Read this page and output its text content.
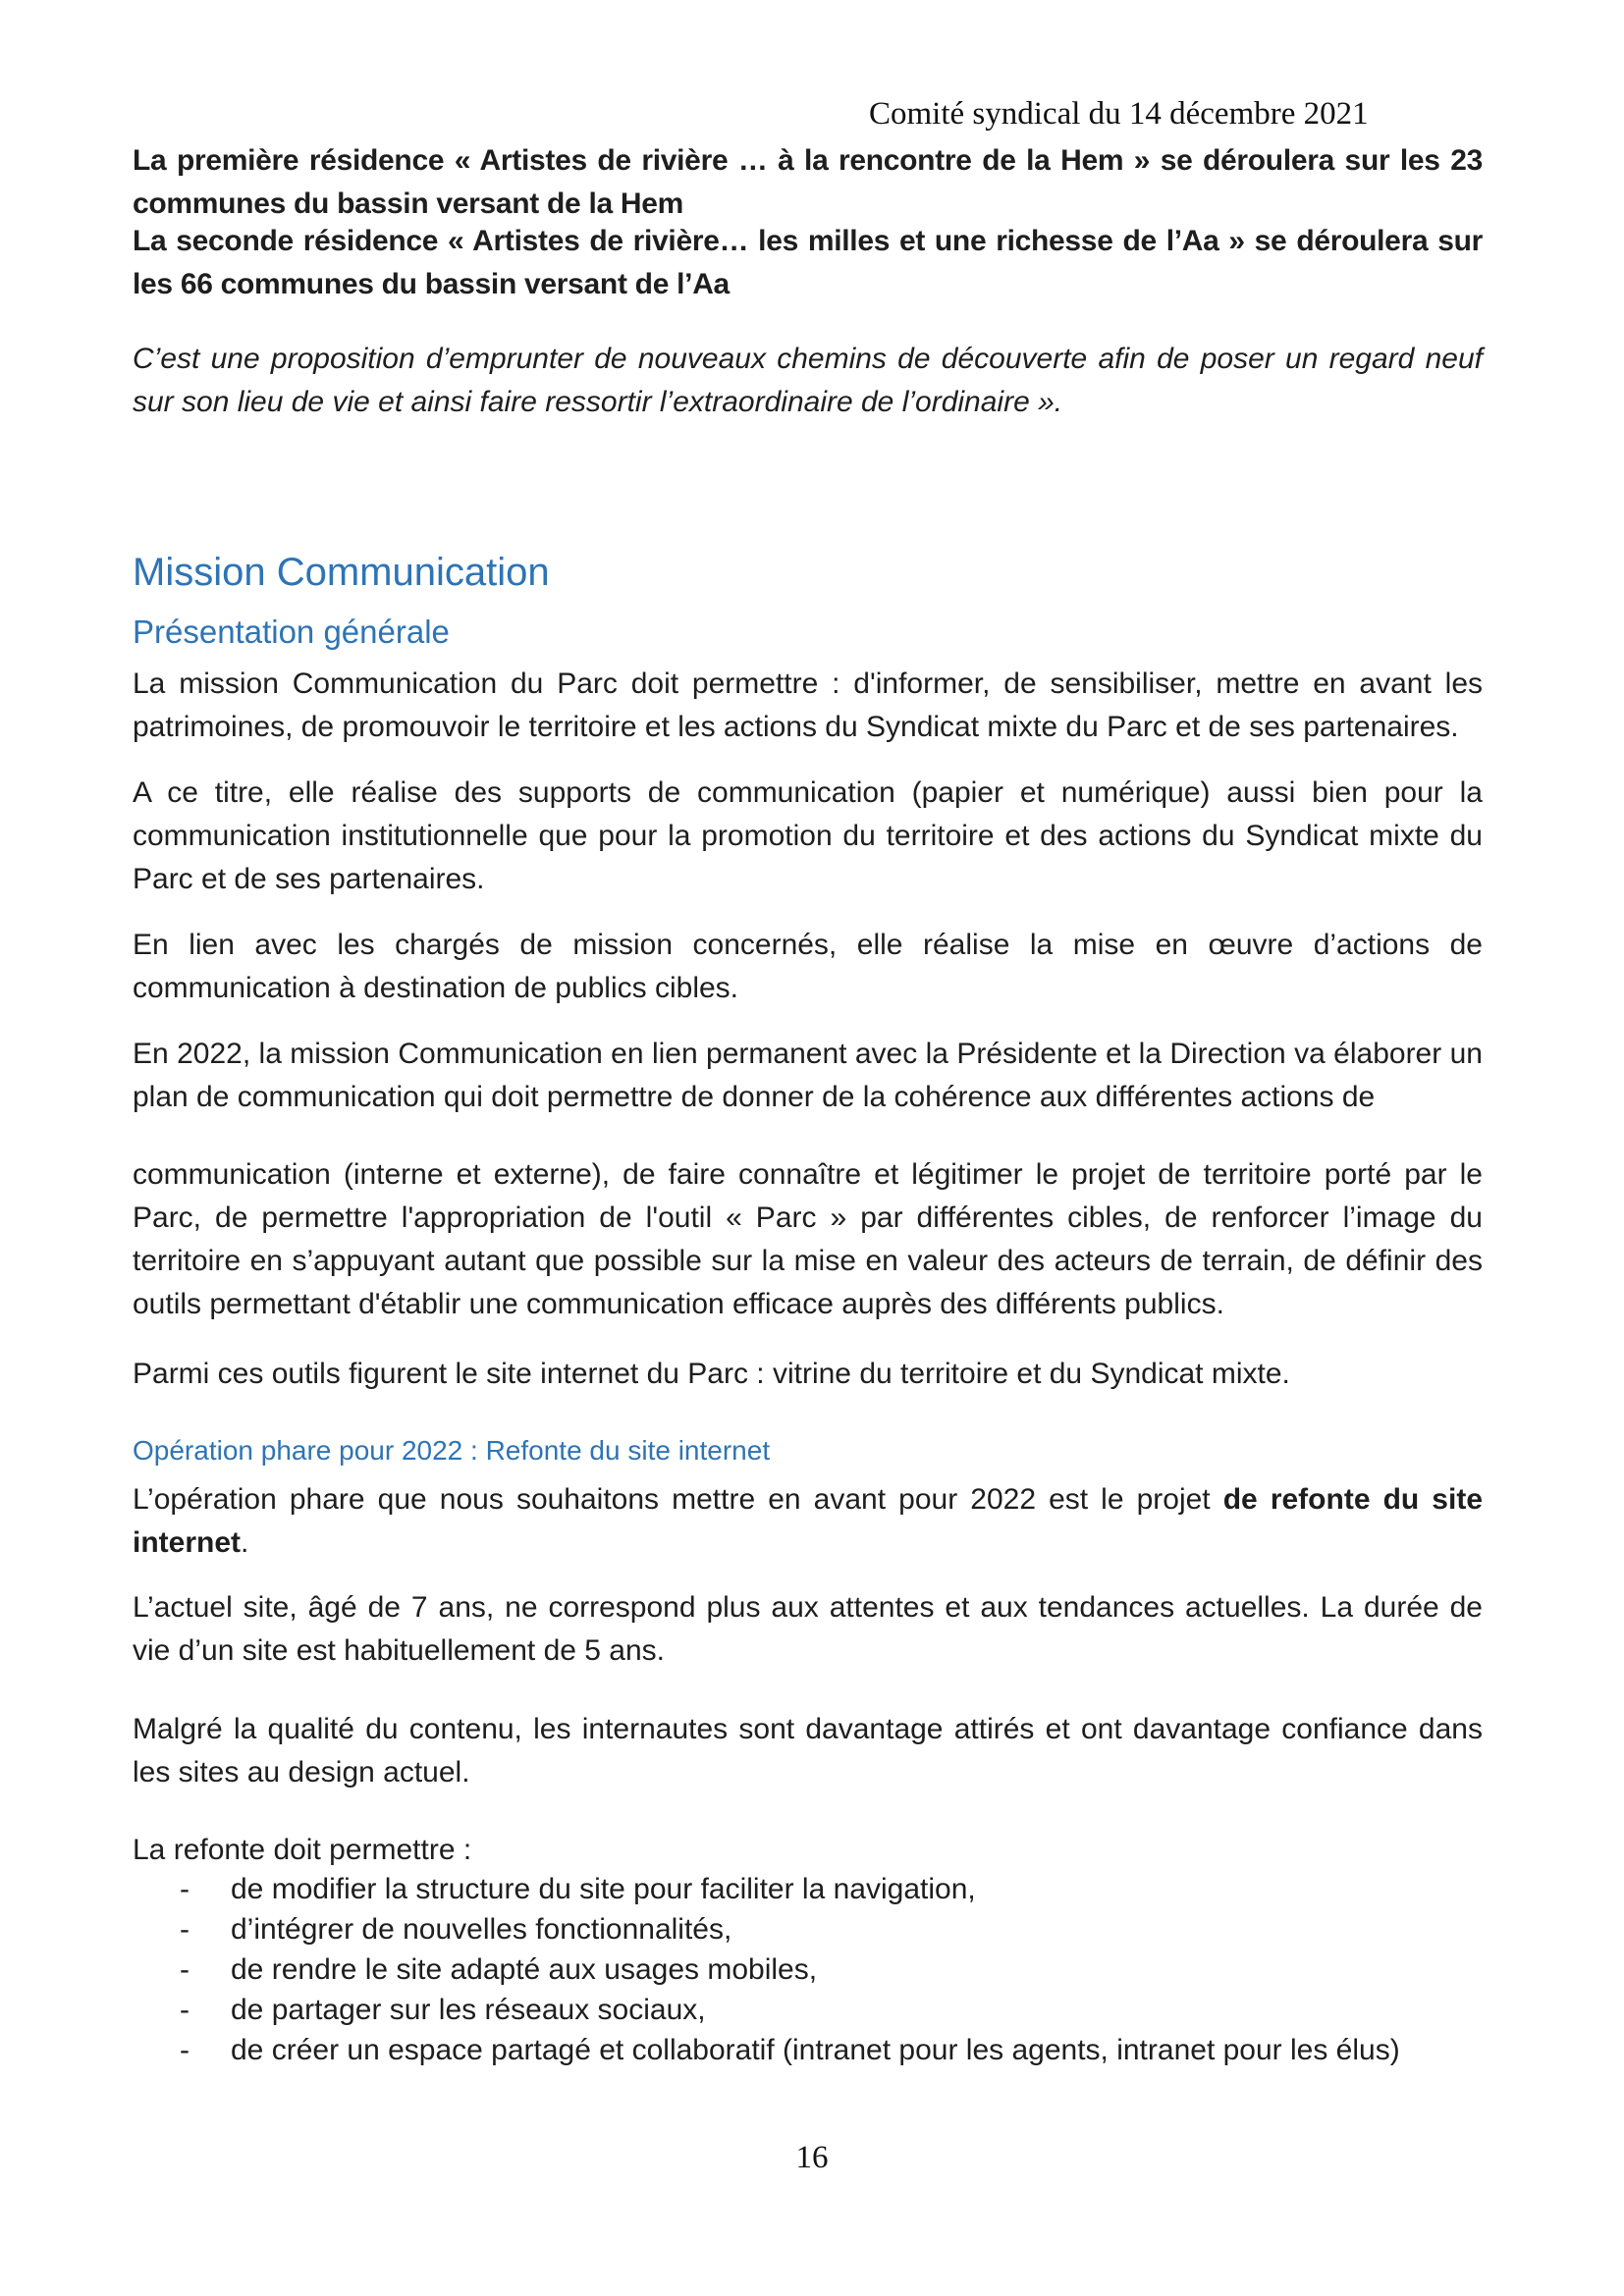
Comité syndical du 14 décembre 2021
La première résidence « Artistes de rivière … à la rencontre de la Hem » se déroulera sur les 23 communes du bassin versant de la Hem
La seconde résidence « Artistes de rivière… les milles et une richesse de l’Aa » se déroulera sur les 66 communes du bassin versant de l’Aa
C’est une proposition d’emprunter de nouveaux chemins de découverte afin de poser un regard neuf sur son lieu de vie et ainsi faire ressortir l’extraordinaire de l’ordinaire ».
Mission Communication
Présentation générale
La mission Communication du Parc doit permettre : d'informer, de sensibiliser, mettre en avant les patrimoines, de promouvoir le territoire et les actions du Syndicat mixte du Parc et de ses partenaires.
A ce titre, elle réalise des supports de communication (papier et numérique) aussi bien pour la communication institutionnelle que pour la promotion du territoire et des actions du Syndicat mixte du Parc et de ses partenaires.
En lien avec les chargés de mission concernés, elle réalise la mise en œuvre d’actions de communication à destination de publics cibles.
En 2022, la mission Communication en lien permanent avec la Présidente et la Direction va élaborer un plan de communication qui doit permettre de donner de la cohérence aux différentes actions de
communication (interne et externe), de faire connaître et légitimer le projet de territoire porté par le Parc, de permettre l'appropriation de l'outil « Parc » par différentes cibles, de renforcer l’image du territoire en s’appuyant autant que possible sur la mise en valeur des acteurs de terrain, de définir des outils permettant d'établir une communication efficace auprès des différents publics.
Parmi ces outils figurent le site internet du Parc : vitrine du territoire et du Syndicat mixte.
Opération phare pour 2022 : Refonte du site internet
L’opération phare que nous souhaitons mettre en avant pour 2022 est le projet de refonte du site internet.
L’actuel site, âgé de 7 ans, ne correspond plus aux attentes et aux tendances actuelles. La durée de vie d’un site est habituellement de 5 ans.
Malgré la qualité du contenu, les internautes sont davantage attirés et ont davantage confiance dans les sites au design actuel.
La refonte doit permettre :
- de modifier la structure du site pour faciliter la navigation,
- d’intégrer de nouvelles fonctionnalités,
- de rendre le site adapté aux usages mobiles,
- de partager sur les réseaux sociaux,
- de créer un espace partagé et collaboratif (intranet pour les agents, intranet pour les élus)
16
